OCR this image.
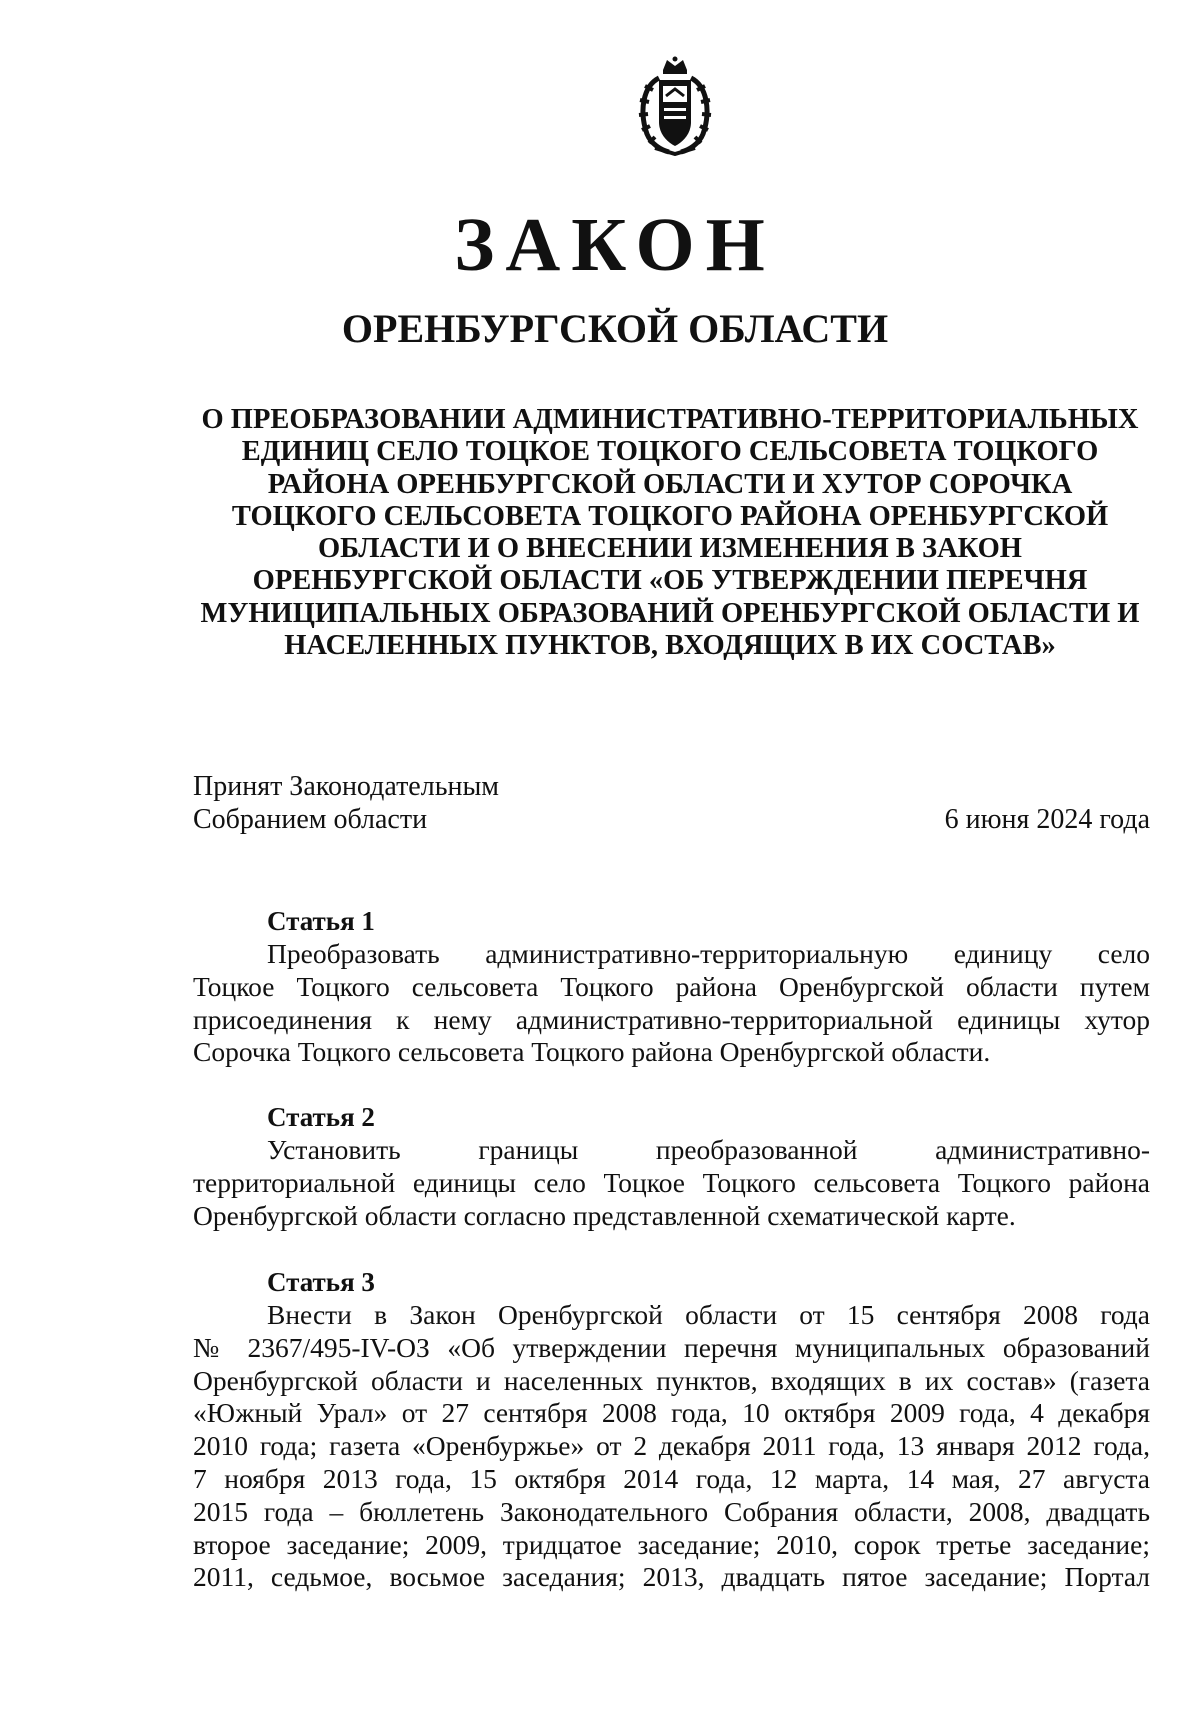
ЗАКОН
ОРЕНБУРГСКОЙ ОБЛАСТИ
О ПРЕОБРАЗОВАНИИ АДМИНИСТРАТИВНО-ТЕРРИТОРИАЛЬНЫХ
ЕДИНИЦ СЕЛО ТОЦКОЕ ТОЦКОГО СЕЛЬСОВЕТА ТОЦКОГО
РАЙОНА ОРЕНБУРГСКОЙ ОБЛАСТИ И ХУТОР СОРОЧКА
ТОЦКОГО СЕЛЬСОВЕТА ТОЦКОГО РАЙОНА ОРЕНБУРГСКОЙ
ОБЛАСТИ И О ВНЕСЕНИИ ИЗМЕНЕНИЯ В ЗАКОН
ОРЕНБУРГСКОЙ ОБЛАСТИ «ОБ УТВЕРЖДЕНИИ ПЕРЕЧНЯ
МУНИЦИПАЛЬНЫХ ОБРАЗОВАНИЙ ОРЕНБУРГСКОЙ ОБЛАСТИ И
НАСЕЛЕННЫХ ПУНКТОВ, ВХОДЯЩИХ В ИХ СОСТАВ»
Принят Законодательным
Собранием области	6 июня 2024 года
Статья 1
Преобразовать административно-территориальную единицу село
Тоцкое Тоцкого сельсовета Тоцкого района Оренбургской области путем
присоединения к нему административно-территориальной единицы хутор
Сорочка Тоцкого сельсовета Тоцкого района Оренбургской области.
Статья 2
Установить границы преобразованной административно-
территориальной единицы село Тоцкое Тоцкого сельсовета Тоцкого района
Оренбургской области согласно представленной схематической карте.
Статья 3
Внести в Закон Оренбургской области от 15 сентября 2008 года
№ 2367/495-IV-ОЗ «Об утверждении перечня муниципальных образований
Оренбургской области и населенных пунктов, входящих в их состав» (газета
«Южный Урал» от 27 сентября 2008 года, 10 октября 2009 года, 4 декабря
2010 года; газета «Оренбуржье» от 2 декабря 2011 года, 13 января 2012 года,
7 ноября 2013 года, 15 октября 2014 года, 12 марта, 14 мая, 27 августа
2015 года – бюллетень Законодательного Собрания области, 2008, двадцать
второе заседание; 2009, тридцатое заседание; 2010, сорок третье заседание;
2011, седьмое, восьмое заседания; 2013, двадцать пятое заседание; Портал
